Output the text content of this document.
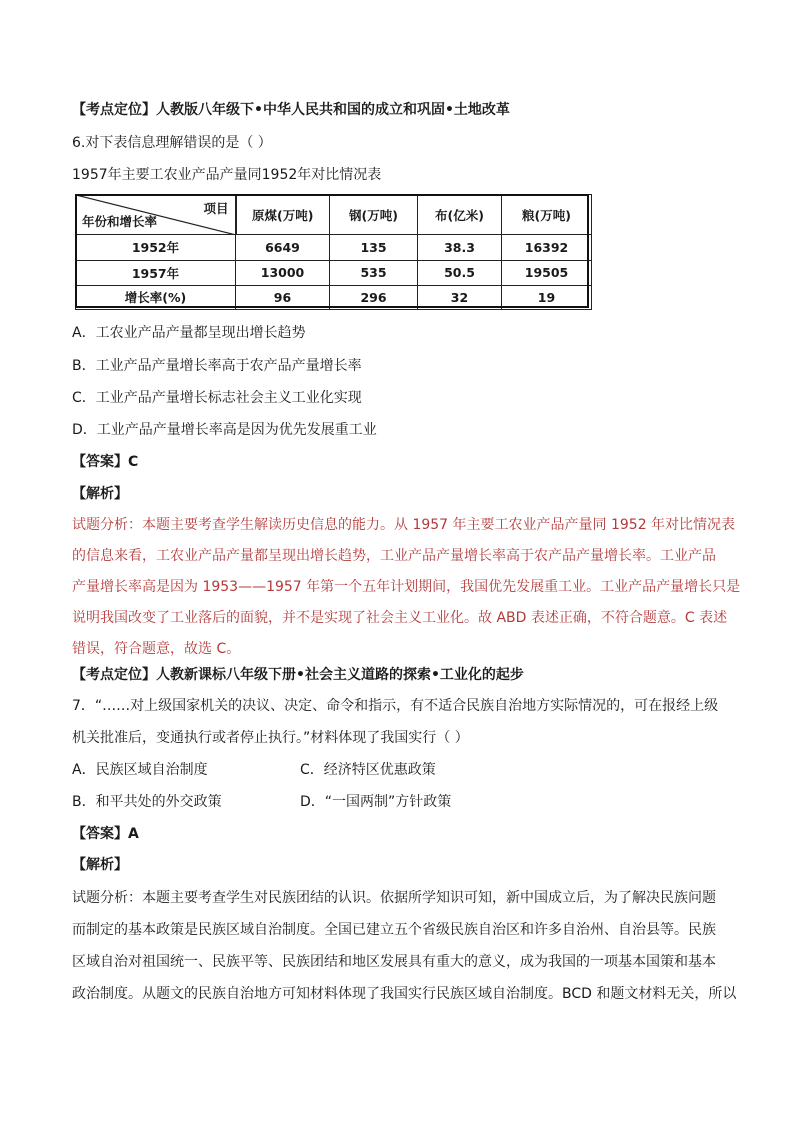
【考点定位】人教版八年级下•中华人民共和国的成立和巩固•土地改革
6.对下表信息理解错误的是（ ）
1957年主要工农业产品产量同1952年对比情况表
项目
年份和增长率	原煤(万吨)	钢(万吨)	布(亿米)	粮(万吨)
1952年	6649	135	38.3	16392
1957年	13000	535	50.5	19505
增长率(%)	96	296	32	19
A．工农业产品产量都呈现出增长趋势
B．工业产品产量增长率高于农产品产量增长率
C．工业产品产量增长标志社会主义工业化实现
D．工业产品产量增长率高是因为优先发展重工业
【答案】C
【解析】
试题分析：本题主要考查学生解读历史信息的能力。从 1957 年主要工农业产品产量同 1952 年对比情况表
的信息来看，工农业产品产量都呈现出增长趋势，工业产品产量增长率高于农产品产量增长率。工业产品
产量增长率高是因为 1953——1957 年第一个五年计划期间，我国优先发展重工业。工业产品产量增长只是
说明我国改变了工业落后的面貌，并不是实现了社会主义工业化。故 ABD 表述正确，不符合题意。C 表述
错误，符合题意，故选 C。
【考点定位】人教新课标八年级下册•社会主义道路的探索•工业化的起步
7．“……对上级国家机关的决议、决定、命令和指示，有不适合民族自治地方实际情况的，可在报经上级
机关批准后，变通执行或者停止执行。”材料体现了我国实行（ ）
A．民族区域自治制度	C．经济特区优惠政策
B．和平共处的外交政策	D．“一国两制”方针政策
【答案】A
【解析】
试题分析：本题主要考查学生对民族团结的认识。依据所学知识可知，新中国成立后，为了解决民族问题
而制定的基本政策是民族区域自治制度。全国已建立五个省级民族自治区和许多自治州、自治县等。民族
区域自治对祖国统一、民族平等、民族团结和地区发展具有重大的意义，成为我国的一项基本国策和基本
政治制度。从题文的民族自治地方可知材料体现了我国实行民族区域自治制度。BCD 和题文材料无关，所以
